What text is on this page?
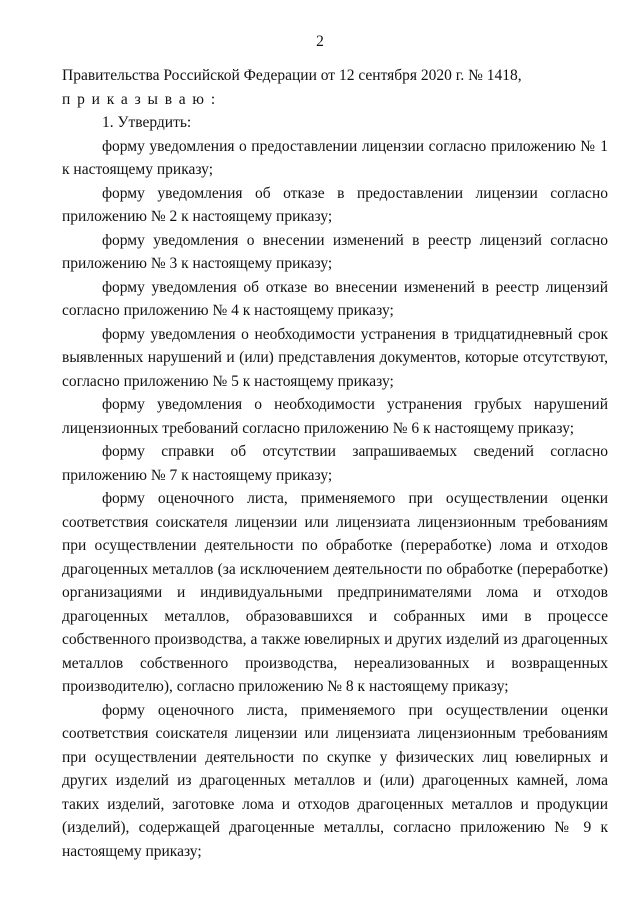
2

Правительства Российской Федерации от 12 сентября 2020 г. № 1418,

приказываю:

1. Утвердить:

форму уведомления о предоставлении лицензии согласно приложению № 1 к настоящему приказу;

форму уведомления об отказе в предоставлении лицензии согласно приложению № 2 к настоящему приказу;

форму уведомления о внесении изменений в реестр лицензий согласно приложению № 3 к настоящему приказу;

форму уведомления об отказе во внесении изменений в реестр лицензий согласно приложению № 4 к настоящему приказу;

форму уведомления о необходимости устранения в тридцатидневный срок выявленных нарушений и (или) представления документов, которые отсутствуют, согласно приложению № 5 к настоящему приказу;

форму уведомления о необходимости устранения грубых нарушений лицензионных требований согласно приложению № 6 к настоящему приказу;

форму справки об отсутствии запрашиваемых сведений согласно приложению № 7 к настоящему приказу;

форму оценочного листа, применяемого при осуществлении оценки соответствия соискателя лицензии или лицензиата лицензионным требованиям при осуществлении деятельности по обработке (переработке) лома и отходов драгоценных металлов (за исключением деятельности по обработке (переработке) организациями и индивидуальными предпринимателями лома и отходов драгоценных металлов, образовавшихся и собранных ими в процессе собственного производства, а также ювелирных и других изделий из драгоценных металлов собственного производства, нереализованных и возвращенных производителю), согласно приложению № 8 к настоящему приказу;

форму оценочного листа, применяемого при осуществлении оценки соответствия соискателя лицензии или лицензиата лицензионным требованиям при осуществлении деятельности по скупке у физических лиц ювелирных и других изделий из драгоценных металлов и (или) драгоценных камней, лома таких изделий, заготовке лома и отходов драгоценных металлов и продукции (изделий), содержащей драгоценные металлы, согласно приложению № 9 к настоящему приказу;
